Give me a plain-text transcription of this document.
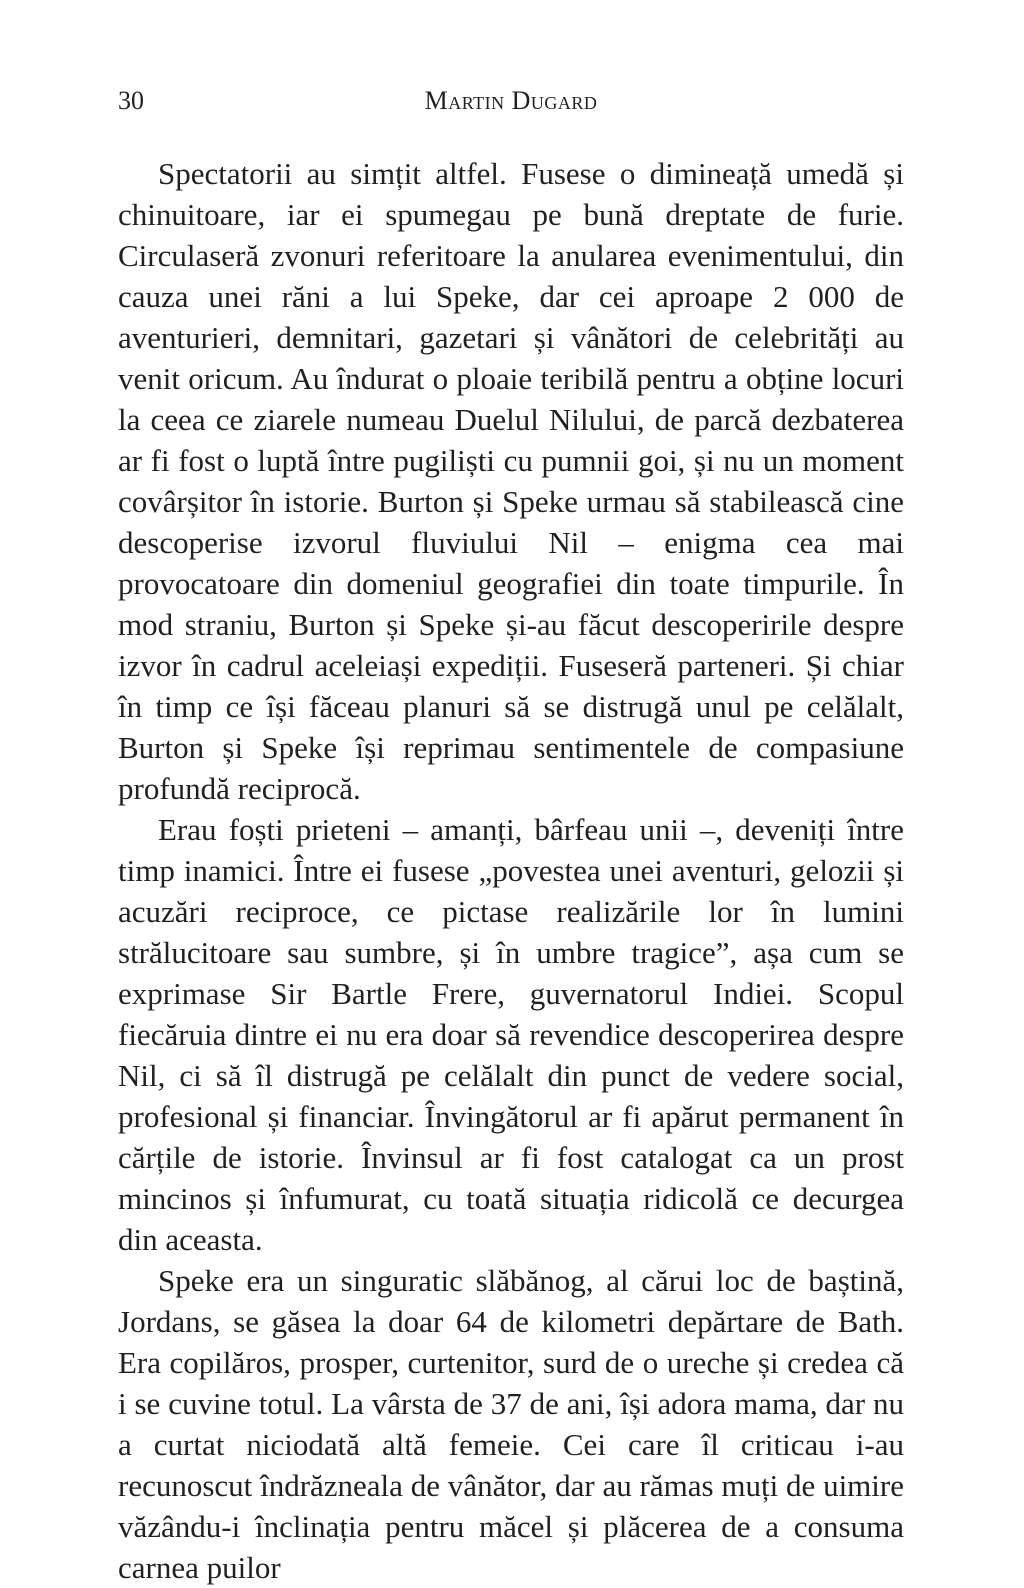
30	Martin Dugard

Spectatorii au simțit altfel. Fusese o dimineață umedă și chinuitoare, iar ei spumegau pe bună dreptate de furie. Circulaseră zvonuri referitoare la anularea evenimentului, din cauza unei răni a lui Speke, dar cei aproape 2 000 de aventurieri, demnitari, gazetari și vânători de celebrități au venit oricum. Au îndurat o ploaie teribilă pentru a obține locuri la ceea ce ziarele numeau Duelul Nilului, de parcă dezbaterea ar fi fost o luptă între pugiliști cu pumnii goi, și nu un moment covârșitor în istorie. Burton și Speke urmau să stabilească cine descoperise izvorul fluviului Nil – enigma cea mai provocatoare din domeniul geografiei din toate timpurile. În mod straniu, Burton și Speke și-au făcut descoperirile despre izvor în cadrul aceleiași expediții. Fuseseră parteneri. Și chiar în timp ce își făceau planuri să se distrugă unul pe celălalt, Burton și Speke își reprimau sentimentele de compasiune profundă reciprocă.

Erau foști prieteni – amanți, bârfeau unii –, deveniți între timp inamici. Între ei fusese „povestea unei aventuri, gelozii și acuzări reciproce, ce pictase realizările lor în lumini strălucitoare sau sumbre, și în umbre tragice”, așa cum se exprimase Sir Bartle Frere, guvernatorul Indiei. Scopul fiecăruia dintre ei nu era doar să revendice descoperirea despre Nil, ci să îl distrugă pe celălalt din punct de vedere social, profesional și financiar. Învingătorul ar fi apărut permanent în cărțile de istorie. Învinsul ar fi fost catalogat ca un prost mincinos și înfumurat, cu toată situația ridicolă ce decurgea din aceasta.

Speke era un singuratic slăbănog, al cărui loc de baștină, Jordans, se găsea la doar 64 de kilometri depărtare de Bath. Era copilăros, prosper, curtenitor, surd de o ureche și credea că i se cuvine totul. La vârsta de 37 de ani, își adora mama, dar nu a curtat niciodată altă femeie. Cei care îl criticau i-au recunoscut îndrăzneala de vânător, dar au rămas muți de uimire văzându-i înclinația pentru măcel și plăcerea de a consuma carnea puilor
